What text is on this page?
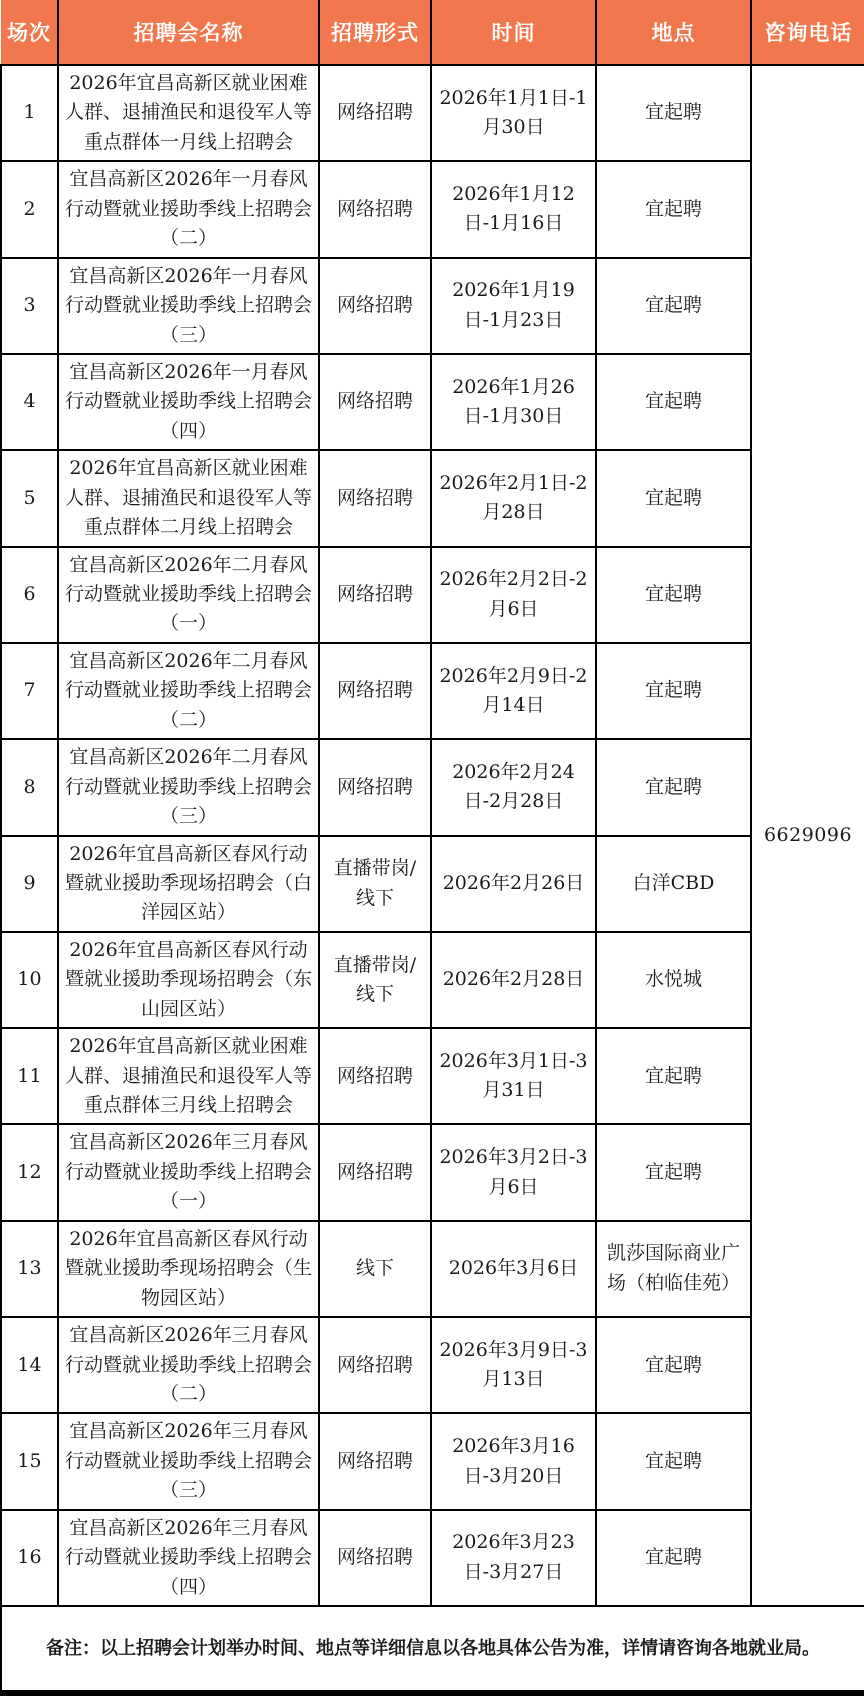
场次	招聘会名称	招聘形式	时间	地点	咨询电话
1	2026年宜昌高新区就业困难人群、退捕渔民和退役军人等重点群体一月线上招聘会	网络招聘	2026年1月1日-1月30日	宜起聘	6629096
2	宜昌高新区2026年一月春风行动暨就业援助季线上招聘会（二）	网络招聘	2026年1月12日-1月16日	宜起聘	
3	宜昌高新区2026年一月春风行动暨就业援助季线上招聘会（三）	网络招聘	2026年1月19日-1月23日	宜起聘	
4	宜昌高新区2026年一月春风行动暨就业援助季线上招聘会（四）	网络招聘	2026年1月26日-1月30日	宜起聘	
5	2026年宜昌高新区就业困难人群、退捕渔民和退役军人等重点群体二月线上招聘会	网络招聘	2026年2月1日-2月28日	宜起聘	
6	宜昌高新区2026年二月春风行动暨就业援助季线上招聘会（一）	网络招聘	2026年2月2日-2月6日	宜起聘	
7	宜昌高新区2026年二月春风行动暨就业援助季线上招聘会（二）	网络招聘	2026年2月9日-2月14日	宜起聘	
8	宜昌高新区2026年二月春风行动暨就业援助季线上招聘会（三）	网络招聘	2026年2月24日-2月28日	宜起聘	
9	2026年宜昌高新区春风行动暨就业援助季现场招聘会（白洋园区站）	直播带岗/线下	2026年2月26日	白洋CBD	
10	2026年宜昌高新区春风行动暨就业援助季现场招聘会（东山园区站）	直播带岗/线下	2026年2月28日	水悦城	
11	2026年宜昌高新区就业困难人群、退捕渔民和退役军人等重点群体三月线上招聘会	网络招聘	2026年3月1日-3月31日	宜起聘	
12	宜昌高新区2026年三月春风行动暨就业援助季线上招聘会（一）	网络招聘	2026年3月2日-3月6日	宜起聘	
13	2026年宜昌高新区春风行动暨就业援助季现场招聘会（生物园区站）	线下	2026年3月6日	凯莎国际商业广场（柏临佳苑）	
14	宜昌高新区2026年三月春风行动暨就业援助季线上招聘会（二）	网络招聘	2026年3月9日-3月13日	宜起聘	
15	宜昌高新区2026年三月春风行动暨就业援助季线上招聘会（三）	网络招聘	2026年3月16日-3月20日	宜起聘	
16	宜昌高新区2026年三月春风行动暨就业援助季线上招聘会（四）	网络招聘	2026年3月23日-3月27日	宜起聘	
备注：以上招聘会计划举办时间、地点等详细信息以各地具体公告为准，详情请咨询各地就业局。					
